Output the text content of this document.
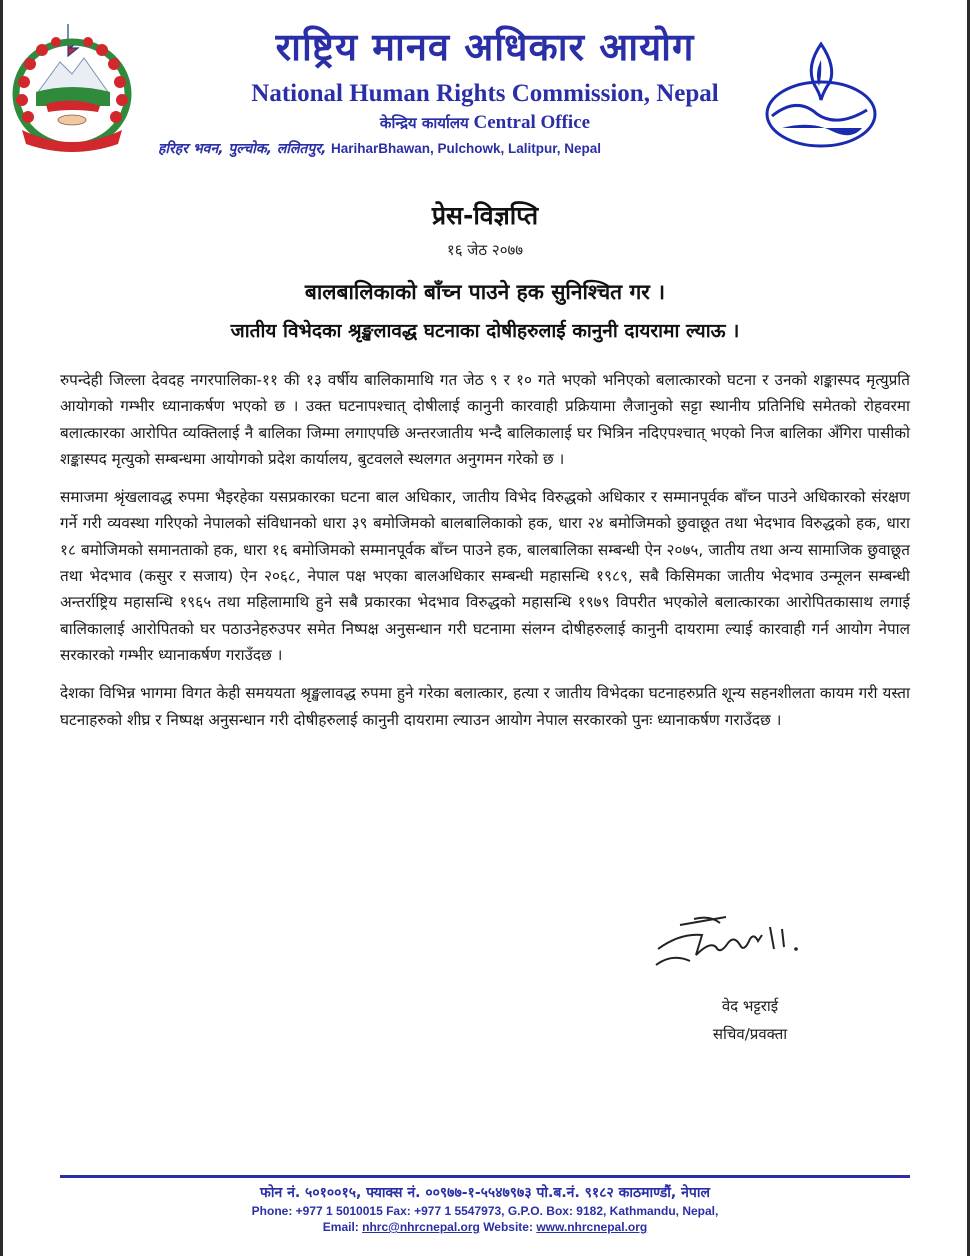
राष्ट्रिय मानव अधिकार आयोग
National Human Rights Commission, Nepal
केन्द्रिय कार्यालय Central Office
हरिहर भवन, पुल्चोक, ललितपुर, HariharBhawan, Pulchowk, Lalitpur, Nepal
प्रेस-विज्ञप्ति
१६ जेठ २०७७
बालबालिकाको बाँच्न पाउने हक सुनिश्चित गर ।
जातीय विभेदका श्रृङ्खलावद्ध घटनाका दोषीहरुलाई कानुनी दायरामा ल्याऊ ।

रुपन्देही जिल्ला देवदह नगरपालिका-११ की १३ वर्षीय बालिकामाथि गत जेठ ९ र १० गते भएको भनिएको बलात्कारको घटना र उनको शङ्कास्पद मृत्युप्रति आयोगको गम्भीर ध्यानाकर्षण भएको छ । उक्त घटनापश्चात् दोषीलाई कानुनी कारवाही प्रक्रियामा लैजानुको सट्टा स्थानीय प्रतिनिधि समेतको रोहवरमा बलात्कारका आरोपित व्यक्तिलाई नै बालिका जिम्मा लगाएपछि अन्तरजातीय भन्दै बालिकालाई घर भित्रिन नदिएपश्चात् भएको निज बालिका अँगिरा पासीको शङ्कास्पद मृत्युको सम्बन्धमा आयोगको प्रदेश कार्यालय, बुटवलले स्थलगत अनुगमन गरेको छ ।

समाजमा श्रृंखलावद्ध रुपमा भैइरहेका यसप्रकारका घटना बाल अधिकार, जातीय विभेद विरुद्धको अधिकार र सम्मानपूर्वक बाँच्न पाउने अधिकारको संरक्षण गर्ने गरी व्यवस्था गरिएको नेपालको संविधानको धारा ३९ बमोजिमको बालबालिकाको हक, धारा २४ बमोजिमको छुवाछूत तथा भेदभाव विरुद्धको हक, धारा १८ बमोजिमको समानताको हक, धारा १६ बमोजिमको सम्मानपूर्वक बाँच्न पाउने हक, बालबालिका सम्बन्धी ऐन २०७५, जातीय तथा अन्य सामाजिक छुवाछूत तथा भेदभाव (कसुर र सजाय) ऐन २०६८, नेपाल पक्ष भएका बालअधिकार सम्बन्धी महासन्धि १९८९, सबै किसिमका जातीय भेदभाव उन्मूलन सम्बन्धी अन्तर्राष्ट्रिय महासन्धि १९६५ तथा महिलामाथि हुने सबै प्रकारका भेदभाव विरुद्धको महासन्धि १९७९ विपरीत भएकोले बलात्कारका आरोपितकासाथ लगाई बालिकालाई आरोपितको घर पठाउनेहरुउपर समेत निष्पक्ष अनुसन्धान गरी घटनामा संलग्न दोषीहरुलाई कानुनी दायरामा ल्याई कारवाही गर्न आयोग नेपाल सरकारको गम्भीर ध्यानाकर्षण गराउँदछ ।

देशका विभिन्न भागमा विगत केही समययता श्रृङ्खलावद्ध रुपमा हुने गरेका बलात्कार, हत्या र जातीय विभेदका घटनाहरुप्रति शून्य सहनशीलता कायम गरी यस्ता घटनाहरुको शीघ्र र निष्पक्ष अनुसन्धान गरी दोषीहरुलाई कानुनी दायरामा ल्याउन आयोग नेपाल सरकारको पुनः ध्यानाकर्षण गराउँदछ ।

वेद भट्टराई
सचिव/प्रवक्ता
फोन नं. ५०१००१५, फ्याक्स नं. ००९७७-१-५५४७९७३ पो.ब.नं. ९१८२ काठमाण्डौं, नेपाल
Phone: +977 1 5010015 Fax: +977 1 5547973, G.P.O. Box: 9182, Kathmandu, Nepal,
Email: nhrc@nhrcnepal.org Website: www.nhrcnepal.org
